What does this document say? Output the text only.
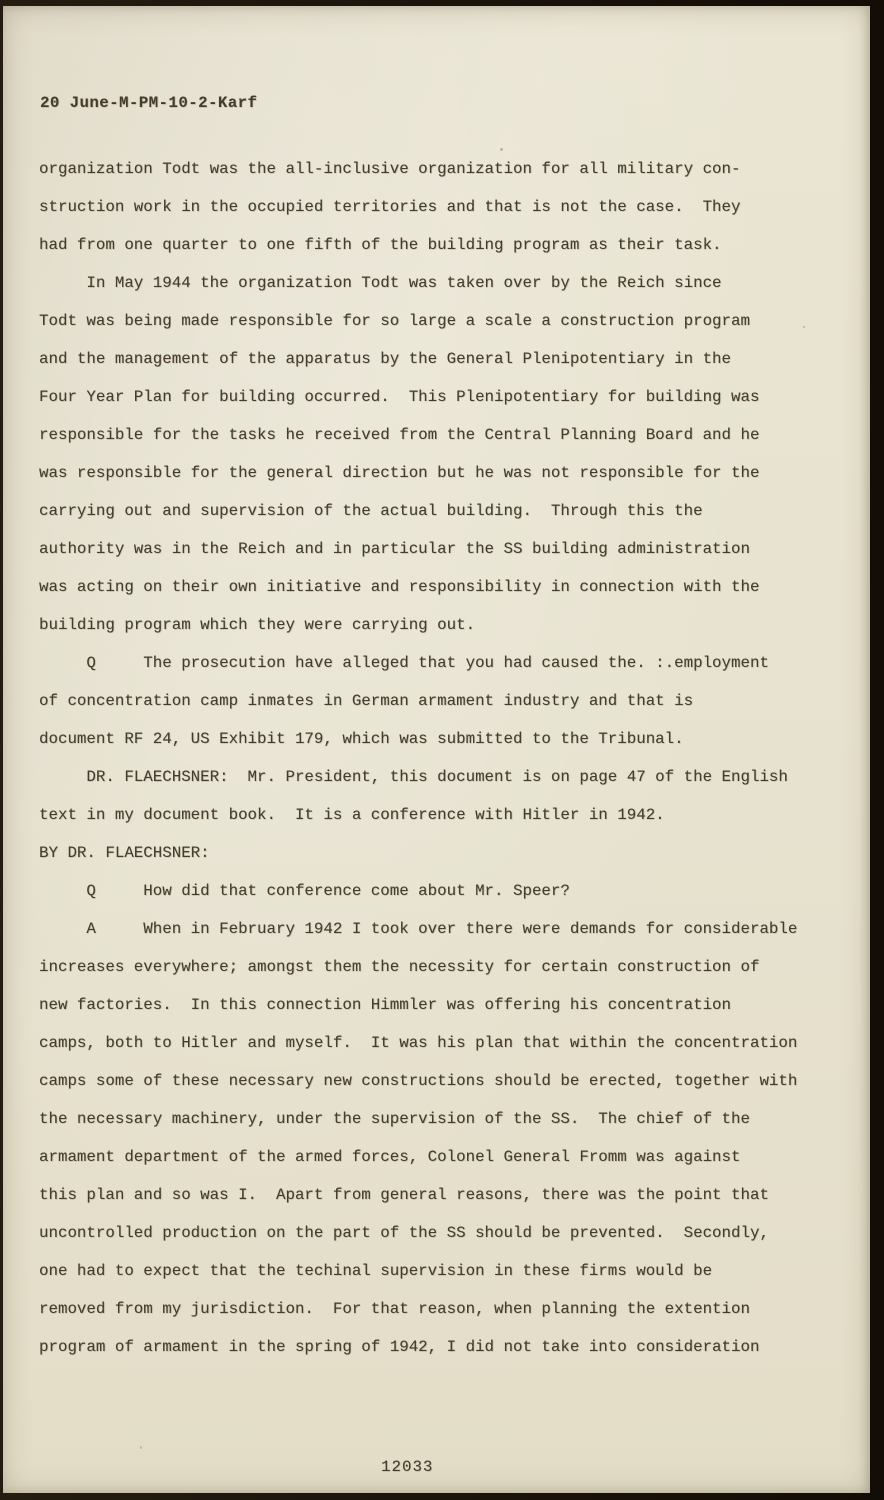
20 June-M-PM-10-2-Karf
organization Todt was the all-inclusive organization for all military con-
struction work in the occupied territories and that is not the case.  They
had from one quarter to one fifth of the building program as their task.
In May 1944 the organization Todt was taken over by the Reich since
Todt was being made responsible for so large a scale a construction program
and the management of the apparatus by the General Plenipotentiary in the
Four Year Plan for building occurred.  This Plenipotentiary for building was
responsible for the tasks he received from the Central Planning Board and he
was responsible for the general direction but he was not responsible for the
carrying out and supervision of the actual building.  Through this the
authority was in the Reich and in particular the SS building administration
was acting on their own initiative and responsibility in connection with the
building program which they were carrying out.
Q     The prosecution have alleged that you had caused the. :.employment
of concentration camp inmates in German armament industry and that is
document RF 24, US Exhibit 179, which was submitted to the Tribunal.
DR. FLAECHSNER:  Mr. President, this document is on page 47 of the English
text in my document book.  It is a conference with Hitler in 1942.
BY DR. FLAECHSNER:
Q     How did that conference come about Mr. Speer?
A     When in February 1942 I took over there were demands for considerable
increases everywhere; amongst them the necessity for certain construction of
new factories.  In this connection Himmler was offering his concentration
camps, both to Hitler and myself.  It was his plan that within the concentration
camps some of these necessary new constructions should be erected, together with
the necessary machinery, under the supervision of the SS.  The chief of the
armament department of the armed forces, Colonel General Fromm was against
this plan and so was I.  Apart from general reasons, there was the point that
uncontrolled production on the part of the SS should be prevented.  Secondly,
one had to expect that the techinal supervision in these firms would be
removed from my jurisdiction.  For that reason, when planning the extention
program of armament in the spring of 1942, I did not take into consideration
12033
